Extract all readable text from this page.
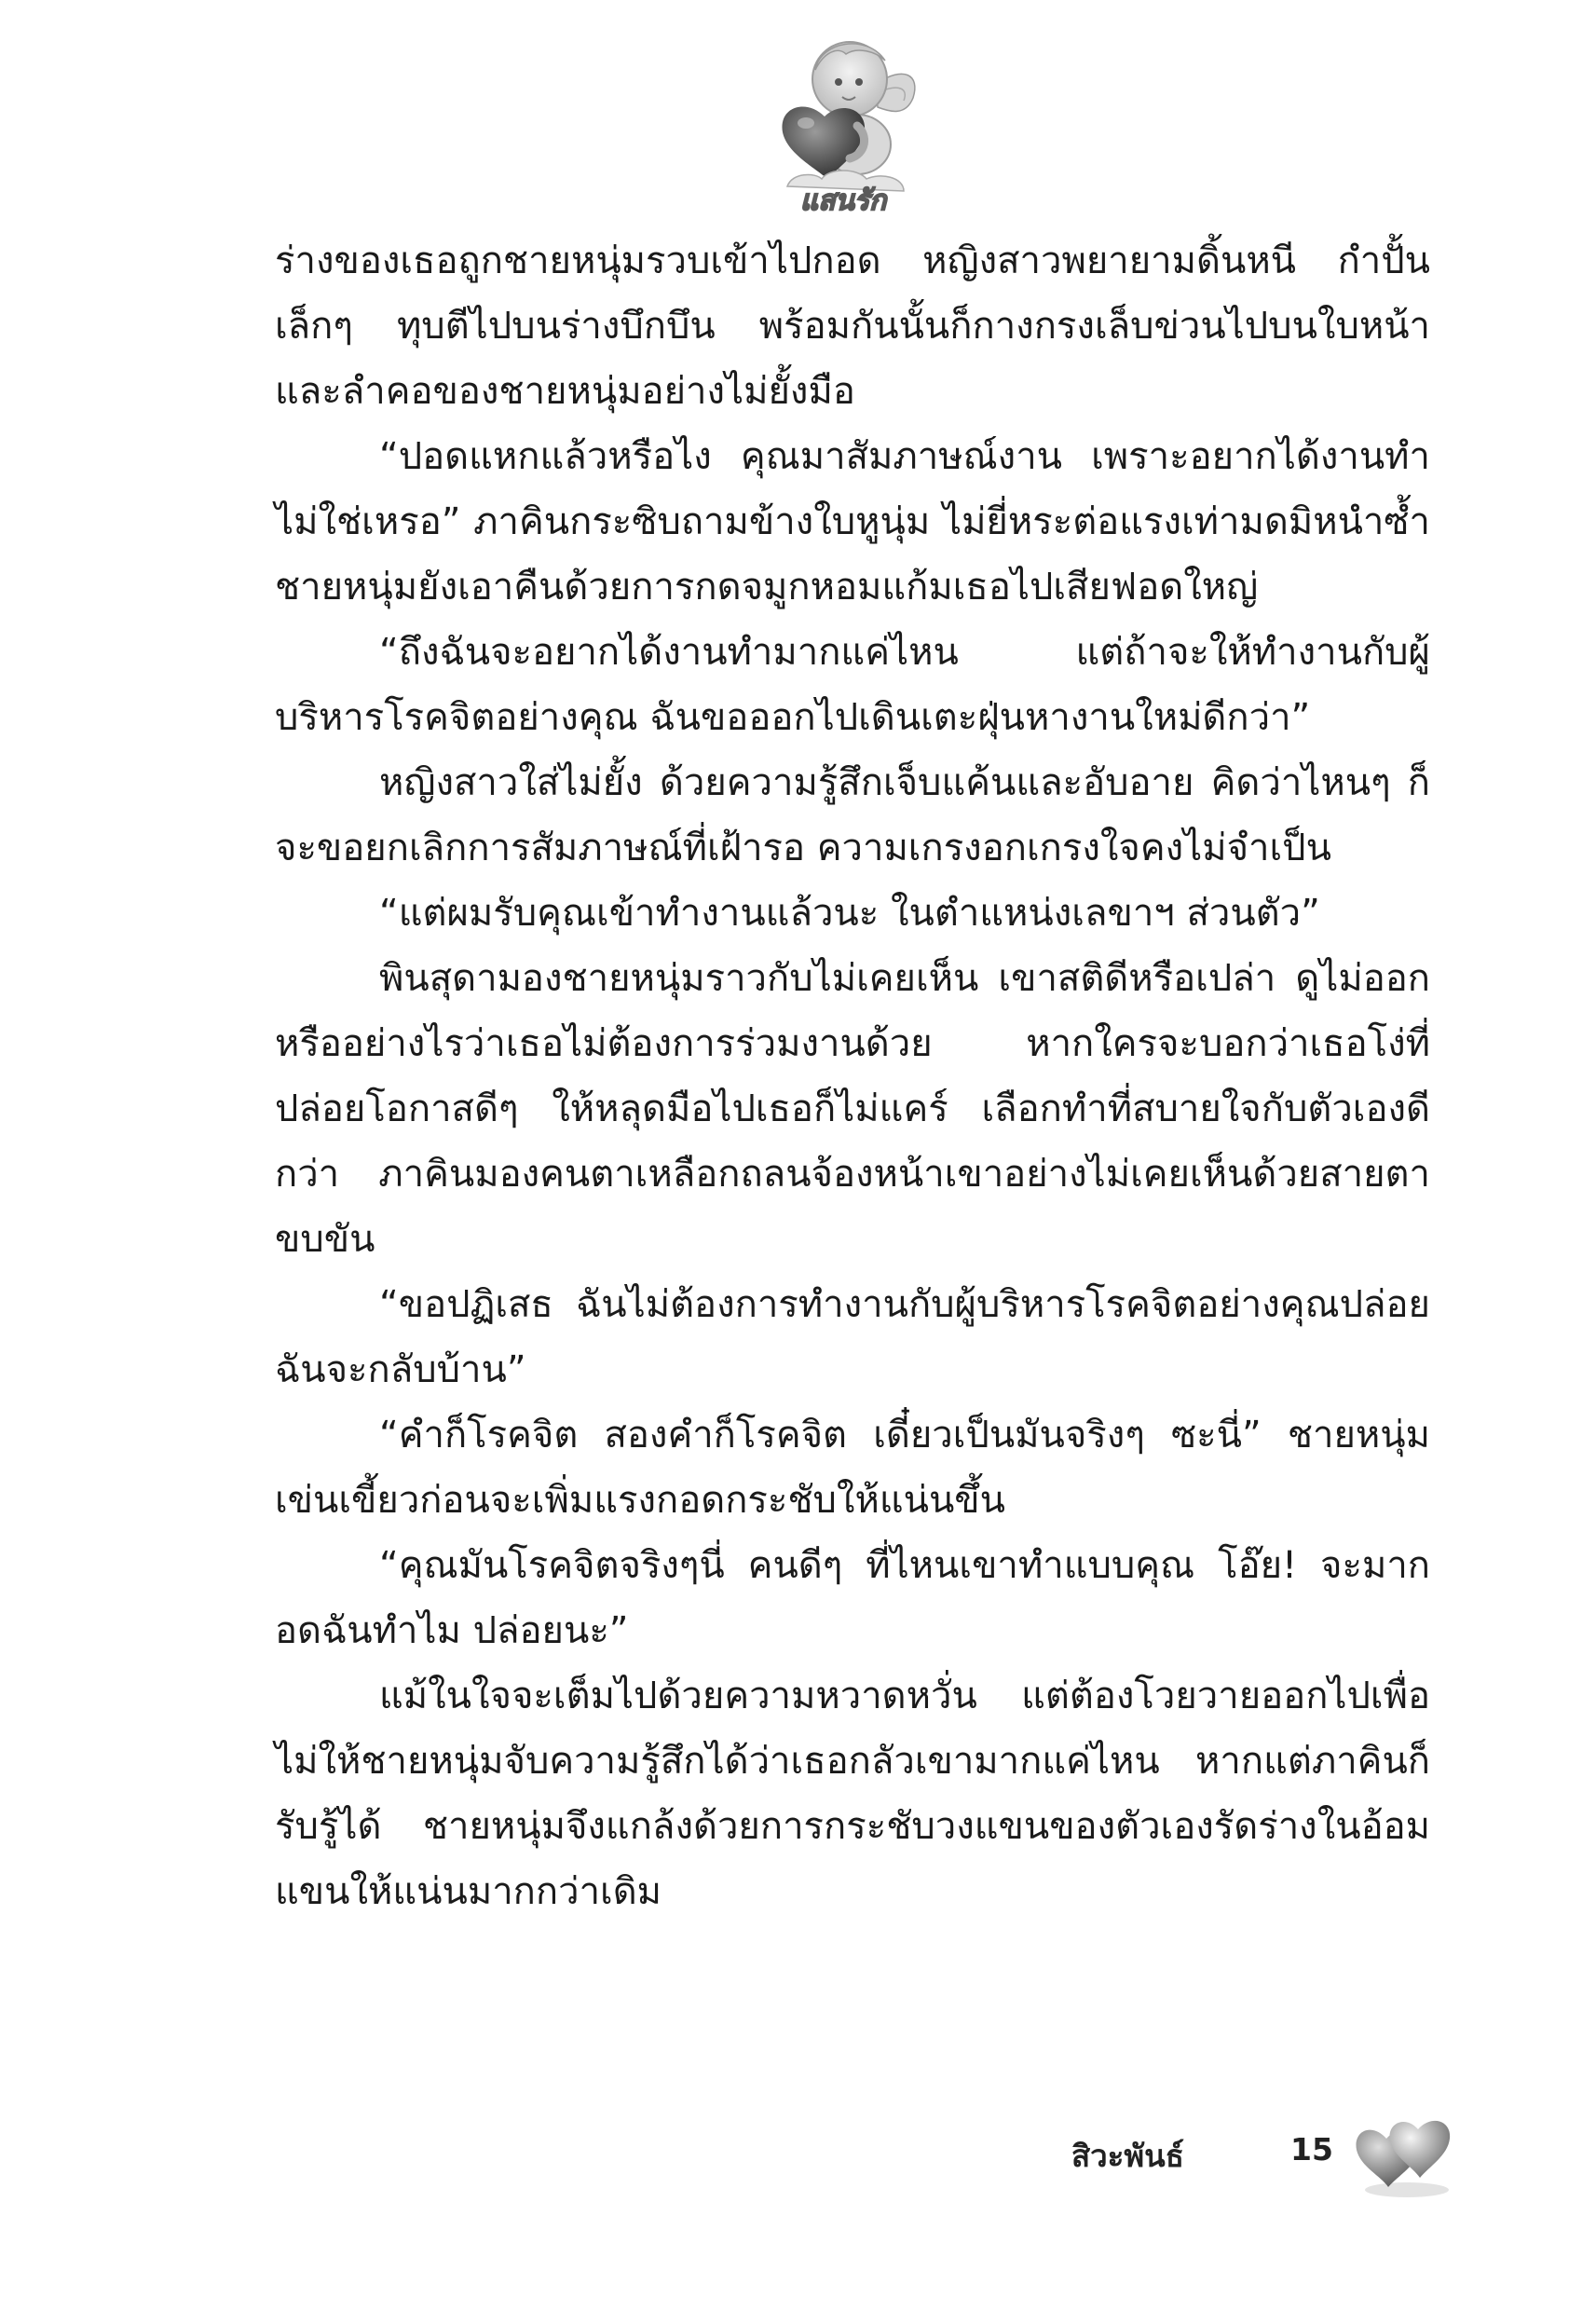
แสนรัก

ร่างของเธอถูกชายหนุ่มรวบเข้าไปกอด หญิงสาวพยายามดิ้นหนี กำปั้นเล็กๆ ทุบตีไปบนร่างบึกบึน พร้อมกันนั้นก็กางกรงเล็บข่วนไปบนใบหน้าและลำคอของชายหนุ่มอย่างไม่ยั้งมือ

“ปอดแหกแล้วหรือไง คุณมาสัมภาษณ์งาน เพราะอยากได้งานทำไม่ใช่เหรอ” ภาคินกระซิบถามข้างใบหูนุ่ม ไม่ยี่หระต่อแรงเท่ามดมิหนำซ้ำชายหนุ่มยังเอาคืนด้วยการกดจมูกหอมแก้มเธอไปเสียฟอดใหญ่

“ถึงฉันจะอยากได้งานทำมากแค่ไหน แต่ถ้าจะให้ทำงานกับผู้บริหารโรคจิตอย่างคุณ ฉันขอออกไปเดินเตะฝุ่นหางานใหม่ดีกว่า”

หญิงสาวใส่ไม่ยั้ง ด้วยความรู้สึกเจ็บแค้นและอับอาย คิดว่าไหนๆ ก็จะขอยกเลิกการสัมภาษณ์ที่เฝ้ารอ ความเกรงอกเกรงใจคงไม่จำเป็น

“แต่ผมรับคุณเข้าทำงานแล้วนะ ในตำแหน่งเลขาฯ ส่วนตัว”

พินสุดามองชายหนุ่มราวกับไม่เคยเห็น เขาสติดีหรือเปล่า ดูไม่ออกหรืออย่างไรว่าเธอไม่ต้องการร่วมงานด้วย หากใครจะบอกว่าเธอโง่ที่ปล่อยโอกาสดีๆ ให้หลุดมือไปเธอก็ไม่แคร์ เลือกทำที่สบายใจกับตัวเองดีกว่า ภาคินมองคนตาเหลือกถลนจ้องหน้าเขาอย่างไม่เคยเห็นด้วยสายตาขบขัน

“ขอปฏิเสธ ฉันไม่ต้องการทำงานกับผู้บริหารโรคจิตอย่างคุณปล่อย ฉันจะกลับบ้าน”

“คำก็โรคจิต สองคำก็โรคจิต เดี๋ยวเป็นมันจริงๆ ซะนี่” ชายหนุ่มเข่นเขี้ยวก่อนจะเพิ่มแรงกอดกระชับให้แน่นขึ้น

“คุณมันโรคจิตจริงๆนี่ คนดีๆ ที่ไหนเขาทำแบบคุณ โอ๊ย! จะมากอดฉันทำไม ปล่อยนะ”

แม้ในใจจะเต็มไปด้วยความหวาดหวั่น แต่ต้องโวยวายออกไปเพื่อไม่ให้ชายหนุ่มจับความรู้สึกได้ว่าเธอกลัวเขามากแค่ไหน หากแต่ภาคินก็รับรู้ได้ ชายหนุ่มจึงแกล้งด้วยการกระชับวงแขนของตัวเองรัดร่างในอ้อมแขนให้แน่นมากกว่าเดิม

สิวะพันธ์	15
